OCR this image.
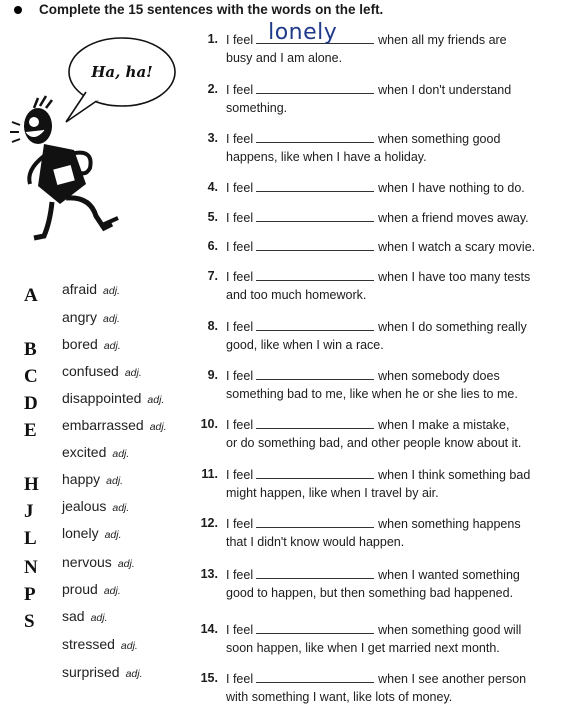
Complete the 15 sentences with the words on the left.
Ha, ha!
A afraid adj.
angry adj.
B bored adj.
C confused adj.
D disappointed adj.
E embarrassed adj.
excited adj.
H happy adj.
J jealous adj.
L lonely adj.
N nervous adj.
P proud adj.
S sad adj.
stressed adj.
surprised adj.
1. I feel lonely	when all my friends are
busy and I am alone.
2. I feel	when I don't understand
something.
3. I feel	when something good
happens, like when I have a holiday.
4. I feel	when I have nothing to do.
5. I feel	when a friend moves away.
6. I feel	when I watch a scary movie.
7. I feel	when I have too many tests
and too much homework.
8. I feel	when I do something really
good, like when I win a race.
9. I feel	when somebody does
something bad to me, like when he or she lies to me.
10. I feel	when I make a mistake,
or do something bad, and other people know about it.
11. I feel	when I think something bad
might happen, like when I travel by air.
12. I feel	when something happens
that I didn't know would happen.
13. I feel	when I wanted something
good to happen, but then something bad happened.
14. I feel	when something good will
soon happen, like when I get married next month.
15. I feel	when I see another person
with something I want, like lots of money.
